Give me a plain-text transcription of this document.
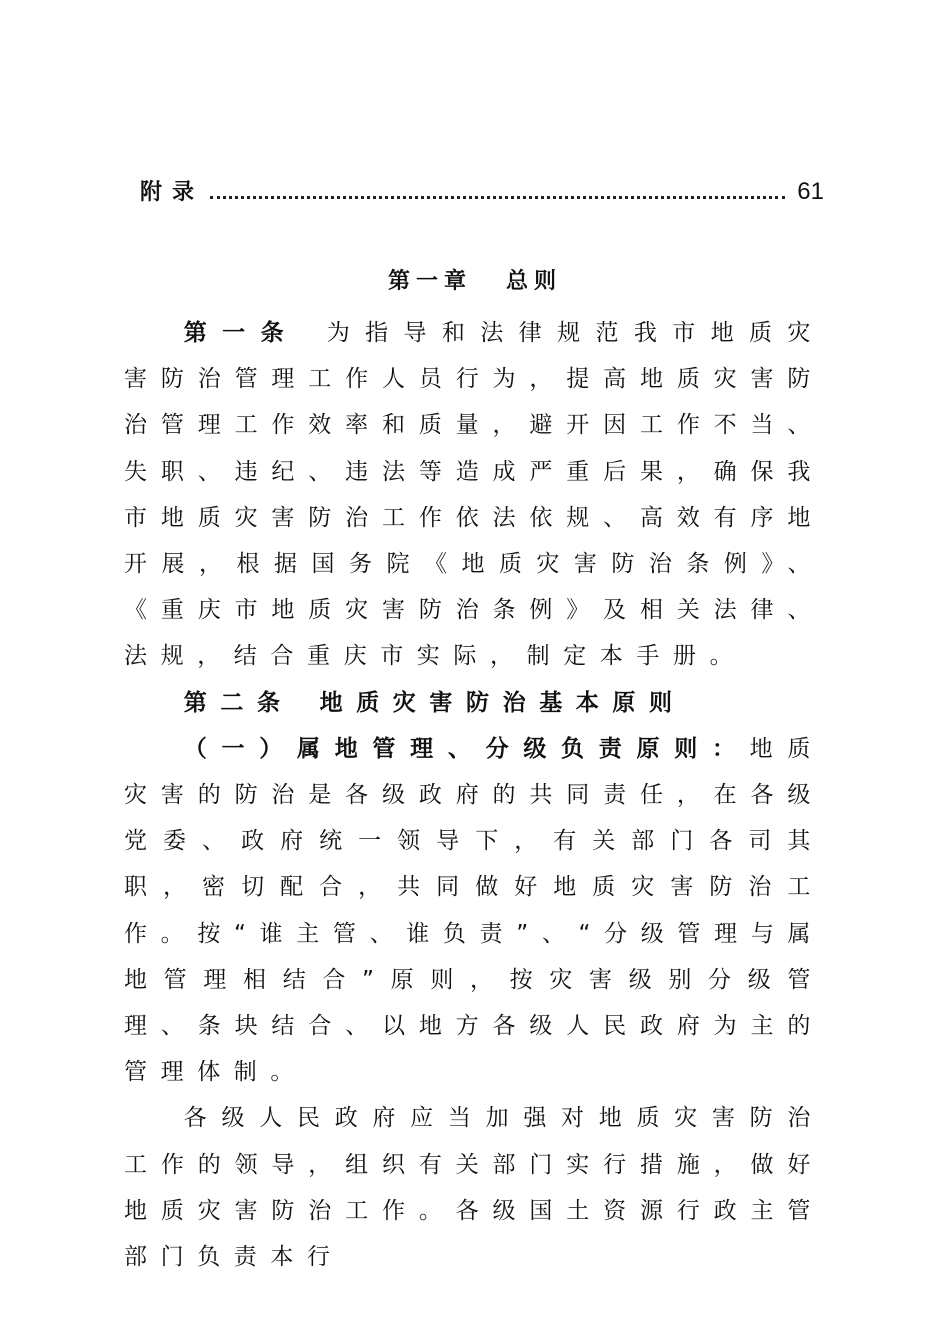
附录	61
第一章 总则

第一条 为指导和法律规范我市地质灾害防治管理工作人员行为，提高地质灾害防治管理工作效率和质量，避开因工作不当、失职、违纪、违法等造成严重后果，确保我市地质灾害防治工作依法依规、高效有序地开展，根据国务院《地质灾害防治条例》、《重庆市地质灾害防治条例》及相关法律、法规，结合重庆市实际，制定本手册。

第二条 地质灾害防治基本原则

（一）属地管理、分级负责原则：地质灾害的防治是各级政府的共同责任，在各级党委、政府统一领导下，有关部门各司其职，密切配合，共同做好地质灾害防治工作。按“谁主管、谁负责”、“分级管理与属地管理相结合”原则，按灾害级别分级管理、条块结合、以地方各级人民政府为主的管理体制。

各级人民政府应当加强对地质灾害防治工作的领导，组织有关部门实行措施，做好地质灾害防治工作。各级国土资源行政主管部门负责本行
